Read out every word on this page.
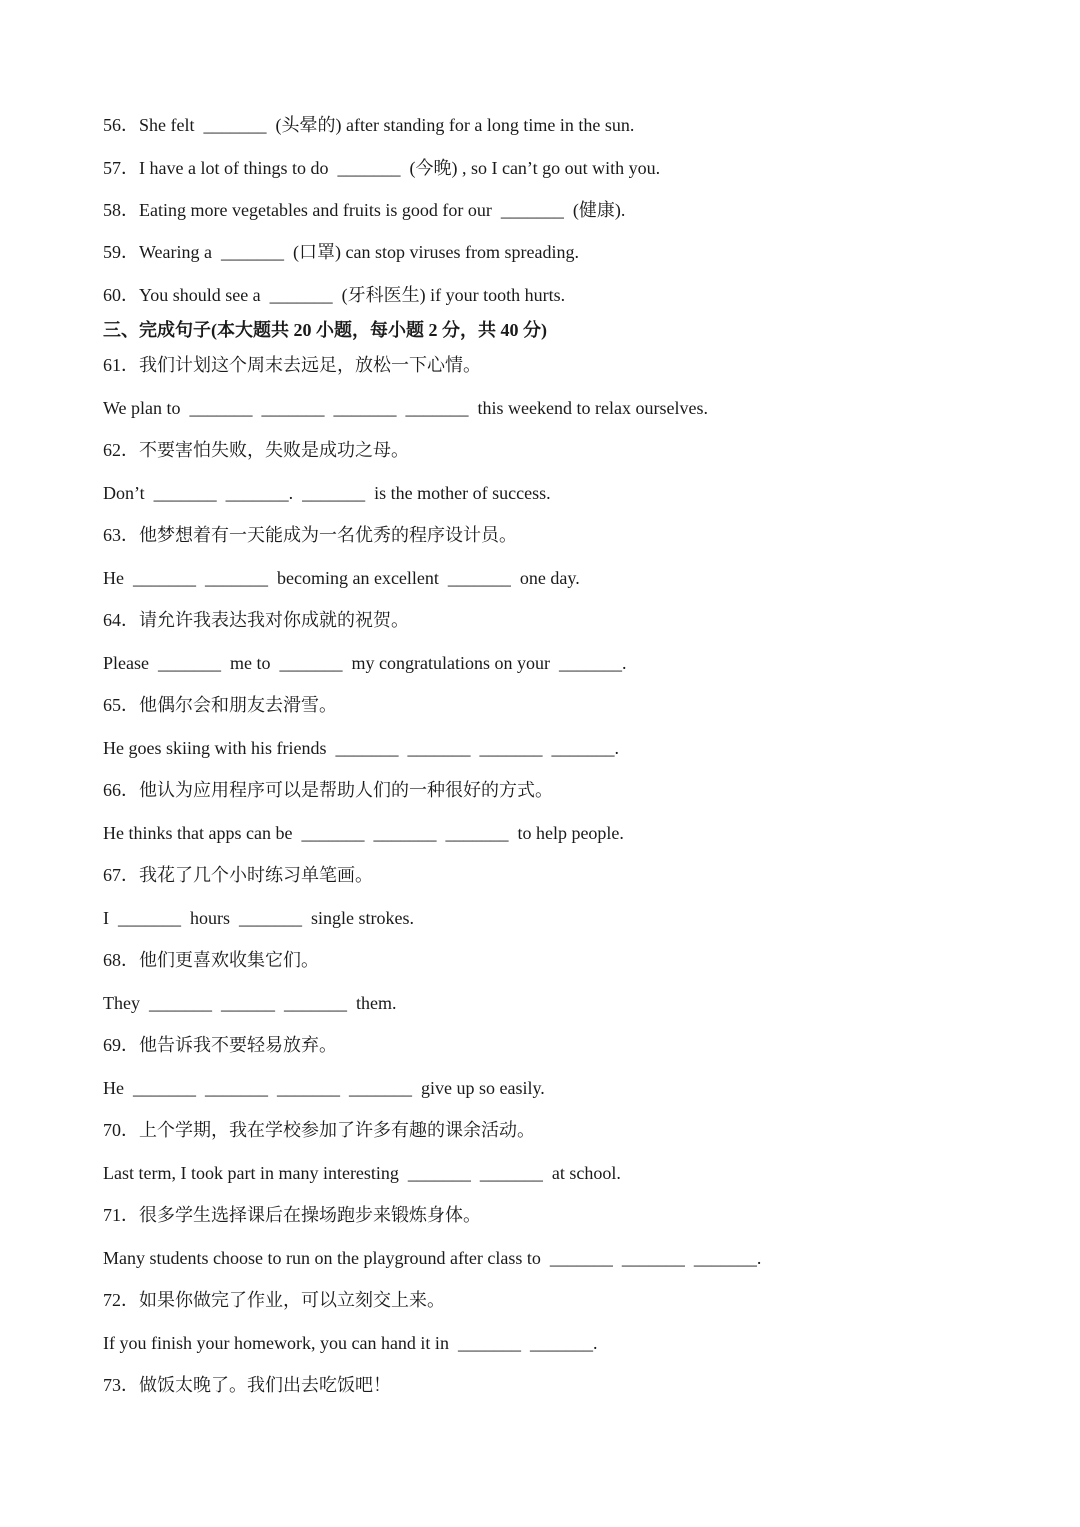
56．She felt  _______  (头晕的) after standing for a long time in the sun.
57．I have a lot of things to do  _______  (今晚) , so I can’t go out with you.
58．Eating more vegetables and fruits is good for our  _______  (健康).
59．Wearing a  _______  (口罩) can stop viruses from spreading.
60．You should see a  _______  (牙科医生) if your tooth hurts.
三、完成句子(本大题共 20 小题，每小题 2 分，共 40 分)
61．我们计划这个周末去远足，放松一下心情。
We plan to  _______  _______  _______  _______  this weekend to relax ourselves.
62．不要害怕失败，失败是成功之母。
Don’t  _______  _______.  _______  is the mother of success.
63．他梦想着有一天能成为一名优秀的程序设计员。
He  _______  _______  becoming an excellent  _______  one day.
64．请允许我表达我对你成就的祝贺。
Please  _______  me to  _______  my congratulations on your  _______.
65．他偶尔会和朋友去滑雪。
He goes skiing with his friends  _______  _______  _______  _______.
66．他认为应用程序可以是帮助人们的一种很好的方式。
He thinks that apps can be  _______  _______  _______  to help people.
67．我花了几个小时练习单笔画。
I  _______  hours  _______  single strokes.
68．他们更喜欢收集它们。
They  _______  ______  _______  them.
69．他告诉我不要轻易放弃。
He  _______  _______  _______  _______  give up so easily.
70．上个学期，我在学校参加了许多有趣的课余活动。
Last term, I took part in many interesting  _______  _______  at school.
71．很多学生选择课后在操场跑步来锻炼身体。
Many students choose to run on the playground after class to  _______  _______  _______.
72．如果你做完了作业，可以立刻交上来。
If you finish your homework, you can hand it in  _______  _______.
73．做饭太晚了。我们出去吃饭吧！
